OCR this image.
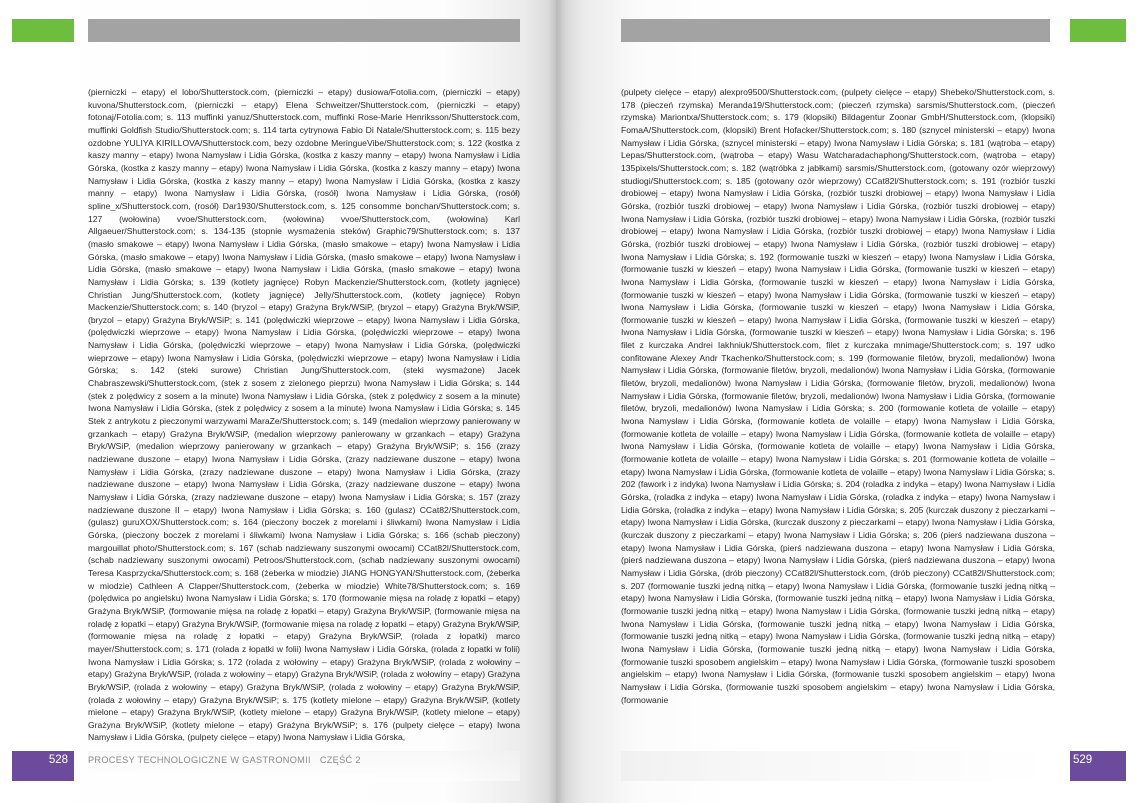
(pierniczki – etapy) el lobo/Shutterstock.com, (pierniczki – etapy) dusiowa/Fotolia.com, (pierniczki – etapy) kuvona/Shutterstock.com, (pierniczki – etapy) Elena Schweitzer/Shutterstock.com, (pierniczki – etapy) fotonaj/Fotolia.com; s. 113 muffinki yanuz/Shutterstock.com, muffinki Rose-Marie Henriksson/Shutterstock.com, muffinki Goldfish Studio/Shutterstock.com; s. 114 tarta cytrynowa Fabio Di Natale/Shutterstock.com; s. 115 bezy ozdobne YULIYA KIRILLOVA/Shutterstock.com, bezy ozdobne MeringueVibe/Shutterstock.com; s. 122 (kostka z kaszy manny – etapy) Iwona Namysław i Lidia Górska, (kostka z kaszy manny – etapy) Iwona Namysław i Lidia Górska, (kostka z kaszy manny – etapy) Iwona Namysław i Lidia Górska, (kostka z kaszy manny – etapy) Iwona Namysław i Lidia Górska, (kostka z kaszy manny – etapy) Iwona Namysław i Lidia Górska, (kostka z kaszy manny – etapy) Iwona Namysław i Lidia Górska, (rosół) Iwona Namysław i Lidia Górska, (rosół) spline_x/Shutterstock.com, (rosół) Dar1930/Shutterstock.com, s. 125 consomme bonchan/Shutterstock.com; s. 127 (wołowina) vvoe/Shutterstock.com, (wołowina) vvoe/Shutterstock.com, (wołowina) Karl Allgaeuer/Shutterstock.com; s. 134-135 (stopnie wysmażenia steków) Graphic79/Shutterstock.com; s. 137 (masło smakowe – etapy) Iwona Namysław i Lidia Górska, (masło smakowe – etapy) Iwona Namysław i Lidia Górska, (masło smakowe – etapy) Iwona Namysław i Lidia Górska, (masło smakowe – etapy) Iwona Namysław i Lidia Górska, (masło smakowe – etapy) Iwona Namysław i Lidia Górska, (masło smakowe – etapy) Iwona Namysław i Lidia Górska; s. 139 (kotlety jagnięce) Robyn Mackenzie/Shutterstock.com, (kotlety jagnięce) Christian Jung/Shutterstock.com, (kotlety jagnięce) Jelly/Shutterstock.com, (kotlety jagnięce) Robyn Mackenzie/Shutterstock.com; s. 140 (bryzol – etapy) Grażyna Bryk/WSiP, (bryzol – etapy) Grażyna Bryk/WSiP, (bryzol – etapy) Grażyna Bryk/WSiP; s. 141 (polędwiczki wieprzowe – etapy) Iwona Namysław i Lidia Górska, (polędwiczki wieprzowe – etapy) Iwona Namysław i Lidia Górska, (polędwiczki wieprzowe – etapy) Iwona Namysław i Lidia Górska, (polędwiczki wieprzowe – etapy) Iwona Namysław i Lidia Górska, (polędwiczki wieprzowe – etapy) Iwona Namysław i Lidia Górska, (polędwiczki wieprzowe – etapy) Iwona Namysław i Lidia Górska; s. 142 (steki surowe) Christian Jung/Shutterstock.com, (steki wysmażone) Jacek Chabraszewski/Shutterstock.com, (stek z sosem z zielonego pieprzu) Iwona Namysław i Lidia Górska; s. 144 (stek z polędwicy z sosem a la minute) Iwona Namysław i Lidia Górska, (stek z polędwicy z sosem a la minute) Iwona Namysław i Lidia Górska, (stek z polędwicy z sosem a la minute) Iwona Namysław i Lidia Górska; s. 145 Stek z antrykotu z pieczonymi warzywami MaraZe/Shutterstock.com; s. 149 (medalion wieprzowy panierowany w grzankach – etapy) Grażyna Bryk/WSiP, (medalion wieprzowy panierowany w grzankach – etapy) Grażyna Bryk/WSiP, (medalion wieprzowy panierowany w grzankach – etapy) Grażyna Bryk/WSiP; s. 156 (zrazy nadziewane duszone – etapy) Iwona Namysław i Lidia Górska, (zrazy nadziewane duszone – etapy) Iwona Namysław i Lidia Górska, (zrazy nadziewane duszone – etapy) Iwona Namysław i Lidia Górska, (zrazy nadziewane duszone – etapy) Iwona Namysław i Lidia Górska, (zrazy nadziewane duszone – etapy) Iwona Namysław i Lidia Górska, (zrazy nadziewane duszone – etapy) Iwona Namysław i Lidia Górska; s. 157 (zrazy nadziewane duszone II – etapy) Iwona Namysław i Lidia Górska; s. 160 (gulasz) CCat82/Shutterstock.com, (gulasz) guruXOX/Shutterstock.com; s. 164 (pieczony boczek z morelami i śliwkami) Iwona Namysław i Lidia Górska, (pieczony boczek z morelami i śliwkami) Iwona Namysław i Lidia Górska; s. 166 (schab pieczony) margouillat photo/Shutterstock.com; s. 167 (schab nadziewany suszonymi owocami) CCat82l/Shutterstock.com, (schab nadziewany suszonymi owocami) Petroos/Shutterstock.com, (schab nadziewany suszonymi owocami) Teresa Kasprzycka/Shutterstock.com; s. 168 (żeberka w miodzie) JIANG HONGYAN/Shutterstock.com, (żeberka w miodzie) Cathleen A Clapper/Shutterstock.com, (żeberka w miodzie) White78/Shutterstock.com; s. 169 (polędwica po angielsku) Iwona Namysław i Lidia Górska; s. 170 (formowanie mięsa na roladę z łopatki – etapy) Grażyna Bryk/WSiP, (formowanie mięsa na roladę z łopatki – etapy) Grażyna Bryk/WSiP, (formowanie mięsa na roladę z łopatki – etapy) Grażyna Bryk/WSiP, (formowanie mięsa na roladę z łopatki – etapy) Grażyna Bryk/WSiP, (formowanie mięsa na roladę z łopatki – etapy) Grażyna Bryk/WSiP, (rolada z łopatki) marco mayer/Shutterstock.com; s. 171 (rolada z łopatki w folii) Iwona Namysław i Lidia Górska, (rolada z łopatki w folii) Iwona Namysław i Lidia Górska; s. 172 (rolada z wołowiny – etapy) Grażyna Bryk/WSiP, (rolada z wołowiny – etapy) Grażyna Bryk/WSiP, (rolada z wołowiny – etapy) Grażyna Bryk/WSiP, (rolada z wołowiny – etapy) Grażyna Bryk/WSiP, (rolada z wołowiny – etapy) Grażyna Bryk/WSiP, (rolada z wołowiny – etapy) Grażyna Bryk/WSiP, (rolada z wołowiny – etapy) Grażyna Bryk/WSiP; s. 175 (kotlety mielone – etapy) Grażyna Bryk/WSiP, (kotlety mielone – etapy) Grażyna Bryk/WSiP, (kotlety mielone – etapy) Grażyna Bryk/WSiP, (kotlety mielone – etapy) Grażyna Bryk/WSiP, (kotlety mielone – etapy) Grażyna Bryk/WSiP; s. 176 (pulpety cielęce – etapy) Iwona Namysław i Lidia Górska, (pulpety cielęce – etapy) Iwona Namysław i Lidia Górska,

528	PROCESY TECHNOLOGICZNE W GASTRONOMII CZĘŚĆ 2

(pulpety cielęce – etapy) alexpro9500/Shutterstock.com, (pulpety cielęce – etapy) Shebeko/Shutterstock.com, s. 178 (pieczeń rzymska) Meranda19/Shutterstock.com; (pieczeń rzymska) sarsmis/Shutterstock.com, (pieczeń rzymska) Mariontxa/Shutterstock.com; s. 179 (klopsiki) Bildagentur Zoonar GmbH/Shutterstock.com, (klopsiki) FomaA/Shutterstock.com, (klopsiki) Brent Hofacker/Shutterstock.com; s. 180 (sznycel ministerski – etapy) Iwona Namysław i Lidia Górska, (sznycel ministerski – etapy) Iwona Namysław i Lidia Górska; s. 181 (wątroba – etapy) Lepas/Shutterstock.com, (wątroba – etapy) Wasu Watcharadachaphong/Shutterstock.com, (wątroba – etapy) 135pixels/Shutterstock.com; s. 182 (wątróbka z jabłkami) sarsmis/Shutterstock.com, (gotowany ozór wieprzowy) studiogi/Shutterstock.com; s. 185 (gotowany ozór wieprzowy) CCat82l/Shutterstock.com; s. 191 (rozbiór tuszki drobiowej – etapy) Iwona Namysław i Lidia Górska, (rozbiór tuszki drobiowej – etapy) Iwona Namysław i Lidia Górska, (rozbiór tuszki drobiowej – etapy) Iwona Namysław i Lidia Górska, (rozbiór tuszki drobiowej – etapy) Iwona Namysław i Lidia Górska, (rozbiór tuszki drobiowej – etapy) Iwona Namysław i Lidia Górska, (rozbiór tuszki drobiowej – etapy) Iwona Namysław i Lidia Górska, (rozbiór tuszki drobiowej – etapy) Iwona Namysław i Lidia Górska, (rozbiór tuszki drobiowej – etapy) Iwona Namysław i Lidia Górska, (rozbiór tuszki drobiowej – etapy) Iwona Namysław i Lidia Górska; s. 192 (formowanie tuszki w kieszeń – etapy) Iwona Namysław i Lidia Górska, (formowanie tuszki w kieszeń – etapy) Iwona Namysław i Lidia Górska, (formowanie tuszki w kieszeń – etapy) Iwona Namysław i Lidia Górska, (formowanie tuszki w kieszeń – etapy) Iwona Namysław i Lidia Górska, (formowanie tuszki w kieszeń – etapy) Iwona Namysław i Lidia Górska, (formowanie tuszki w kieszeń – etapy) Iwona Namysław i Lidia Górska, (formowanie tuszki w kieszeń – etapy) Iwona Namysław i Lidia Górska, (formowanie tuszki w kieszeń – etapy) Iwona Namysław i Lidia Górska, (formowanie tuszki w kieszeń – etapy) Iwona Namysław i Lidia Górska, (formowanie tuszki w kieszeń – etapy) Iwona Namysław i Lidia Górska; s. 196 filet z kurczaka Andrei Iakhniuk/Shutterstock.com, filet z kurczaka mnimage/Shutterstock.com; s. 197 udko confitowane Alexey Andr Tkachenko/Shutterstock.com; s. 199 (formowanie filetów, bryzoli, medalionów) Iwona Namysław i Lidia Górska, (formowanie filetów, bryzoli, medalionów) Iwona Namysław i Lidia Górska, (formowanie filetów, bryzoli, medalionów) Iwona Namysław i Lidia Górska, (formowanie filetów, bryzoli, medalionów) Iwona Namysław i Lidia Górska, (formowanie filetów, bryzoli, medalionów) Iwona Namysław i Lidia Górska, (formowanie filetów, bryzoli, medalionów) Iwona Namysław i Lidia Górska; s. 200 (formowanie kotleta de volaille – etapy) Iwona Namysław i Lidia Górska, (formowanie kotleta de volaille – etapy) Iwona Namysław i Lidia Górska, (formowanie kotleta de volaille – etapy) Iwona Namysław i Lidia Górska, (formowanie kotleta de volaille – etapy) Iwona Namysław i Lidia Górska, (formowanie kotleta de volaille – etapy) Iwona Namysław i Lidia Górska, (formowanie kotleta de volaille – etapy) Iwona Namysław i Lidia Górska; s. 201 (formowanie kotleta de volaille – etapy) Iwona Namysław i Lidia Górska, (formowanie kotleta de volaille – etapy) Iwona Namysław i Lidia Górska; s. 202 (fawork i z indyka) Iwona Namysław i Lidia Górska; s. 204 (roladka z indyka – etapy) Iwona Namysław i Lidia Górska, (roladka z indyka – etapy) Iwona Namysław i Lidia Górska, (roladka z indyka – etapy) Iwona Namysław i Lidia Górska, (roladka z indyka – etapy) Iwona Namysław i Lidia Górska; s. 205 (kurczak duszony z pieczarkami – etapy) Iwona Namysław i Lidia Górska, (kurczak duszony z pieczarkami – etapy) Iwona Namysław i Lidia Górska, (kurczak duszony z pieczarkami – etapy) Iwona Namysław i Lidia Górska; s. 206 (pierś nadziewana duszona – etapy) Iwona Namysław i Lidia Górska, (pierś nadziewana duszona – etapy) Iwona Namysław i Lidia Górska, (pierś nadziewana duszona – etapy) Iwona Namysław i Lidia Górska, (pierś nadziewana duszona – etapy) Iwona Namysław i Lidia Górska, (drób pieczony) CCat82l/Shutterstock.com, (drób pieczony) CCat82l/Shutterstock.com; s. 207 (formowanie tuszki jedną nitką – etapy) Iwona Namysław i Lidia Górska, (formowanie tuszki jedną nitką – etapy) Iwona Namysław i Lidia Górska, (formowanie tuszki jedną nitką – etapy) Iwona Namysław i Lidia Górska, (formowanie tuszki jedną nitką – etapy) Iwona Namysław i Lidia Górska, (formowanie tuszki jedną nitką – etapy) Iwona Namysław i Lidia Górska, (formowanie tuszki jedną nitką – etapy) Iwona Namysław i Lidia Górska, (formowanie tuszki jedną nitką – etapy) Iwona Namysław i Lidia Górska, (formowanie tuszki jedną nitką – etapy) Iwona Namysław i Lidia Górska, (formowanie tuszki jedną nitką – etapy) Iwona Namysław i Lidia Górska, (formowanie tuszki sposobem angielskim – etapy) Iwona Namysław i Lidia Górska, (formowanie tuszki sposobem angielskim – etapy) Iwona Namysław i Lidia Górska, (formowanie tuszki sposobem angielskim – etapy) Iwona Namysław i Lidia Górska, (formowanie tuszki sposobem angielskim – etapy) Iwona Namysław i Lidia Górska, (formowanie

529
